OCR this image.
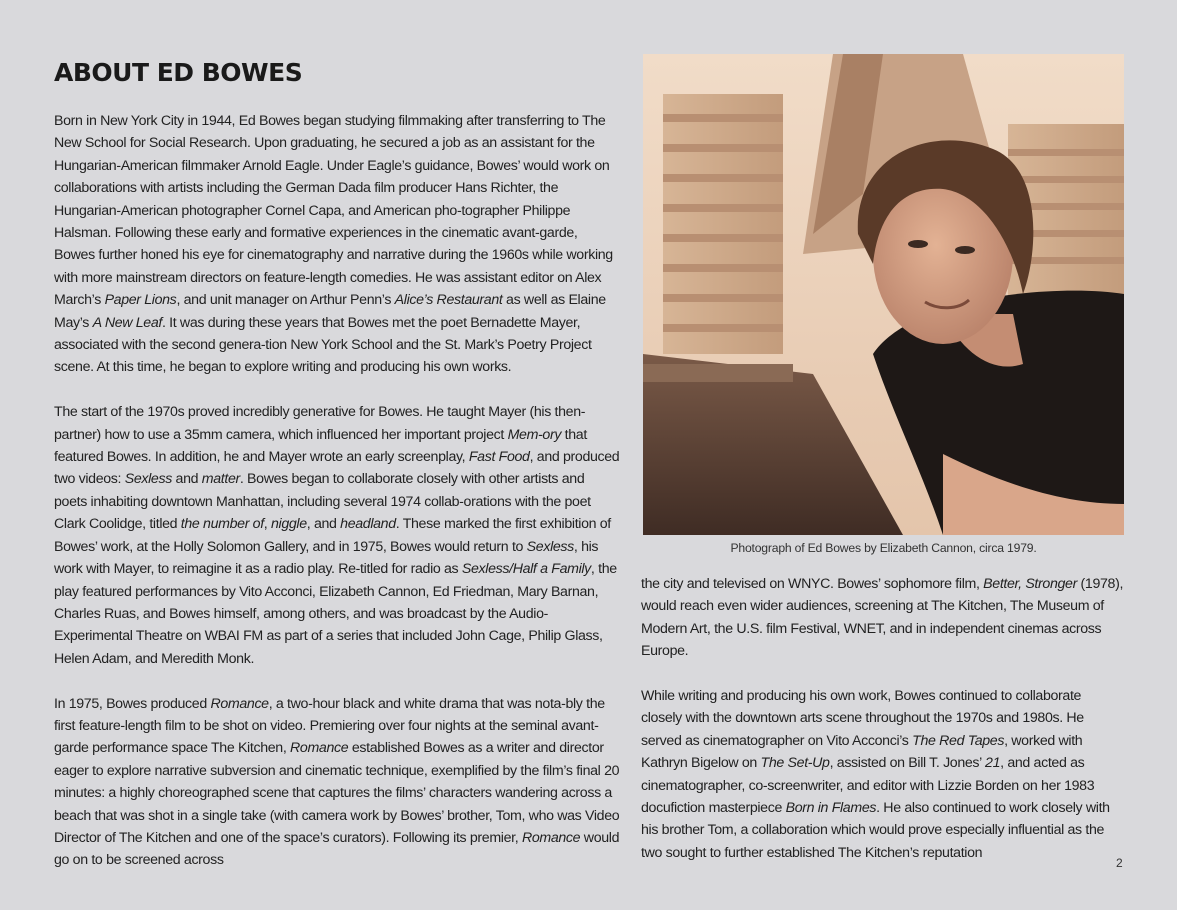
ABOUT ED BOWES

Born in New York City in 1944, Ed Bowes began studying filmmaking after transferring to The New School for Social Research. Upon graduating, he secured a job as an assistant for the Hungarian-American filmmaker Arnold Eagle. Under Eagle’s guidance, Bowes’ would work on collaborations with artists including the German Dada film producer Hans Richter, the Hungarian-American photographer Cornel Capa, and American pho-tographer Philippe Halsman. Following these early and formative experiences in the cinematic avant-garde, Bowes further honed his eye for cinematography and narrative during the 1960s while working with more mainstream directors on feature-length comedies. He was assistant editor on Alex March’s Paper Lions, and unit manager on Arthur Penn’s Alice’s Restaurant as well as Elaine May’s A New Leaf. It was during these years that Bowes met the poet Bernadette Mayer, associated with the second genera-tion New York School and the St. Mark’s Poetry Project scene. At this time, he began to explore writing and producing his own works.

The start of the 1970s proved incredibly generative for Bowes. He taught Mayer (his then-partner) how to use a 35mm camera, which influenced her important project Mem-ory that featured Bowes. In addition, he and Mayer wrote an early screenplay, Fast Food, and produced two videos: Sexless and matter. Bowes began to collaborate closely with other artists and poets inhabiting downtown Manhattan, including several 1974 collab-orations with the poet Clark Coolidge, titled the number of, niggle, and headland. These marked the first exhibition of Bowes’ work, at the Holly Solomon Gallery, and in 1975, Bowes would return to Sexless, his work with Mayer, to reimagine it as a radio play. Re-titled for radio as Sexless/Half a Family, the play featured performances by Vito Acconci, Elizabeth Cannon, Ed Friedman, Mary Barnan, Charles Ruas, and Bowes himself, among others, and was broadcast by the Audio-Experimental Theatre on WBAI FM as part of a series that included John Cage, Philip Glass, Helen Adam, and Meredith Monk.

In 1975, Bowes produced Romance, a two-hour black and white drama that was nota-bly the first feature-length film to be shot on video. Premiering over four nights at the seminal avant-garde performance space The Kitchen, Romance established Bowes as a writer and director eager to explore narrative subversion and cinematic technique, exemplified by the film’s final 20 minutes: a highly choreographed scene that captures the films’ characters wandering across a beach that was shot in a single take (with camera work by Bowes’ brother, Tom, who was Video Director of The Kitchen and one of the space’s curators). Following its premier, Romance would go on to be screened across

Photograph of Ed Bowes by Elizabeth Cannon, circa 1979.

the city and televised on WNYC. Bowes’ sophomore film, Better, Stronger (1978), would reach even wider audiences, screening at The Kitchen, The Museum of Modern Art, the U.S. film Festival, WNET, and in independent cinemas across Europe.

While writing and producing his own work, Bowes continued to collaborate closely with the downtown arts scene throughout the 1970s and 1980s. He served as cinematographer on Vito Acconci’s The Red Tapes, worked with Kathryn Bigelow on The Set-Up, assisted on Bill T. Jones’ 21, and acted as cinematographer, co-screenwriter, and editor with Lizzie Borden on her 1983 docufiction masterpiece Born in Flames. He also continued to work closely with his brother Tom, a collaboration which would prove especially influential as the two sought to further established The Kitchen’s reputation

2
